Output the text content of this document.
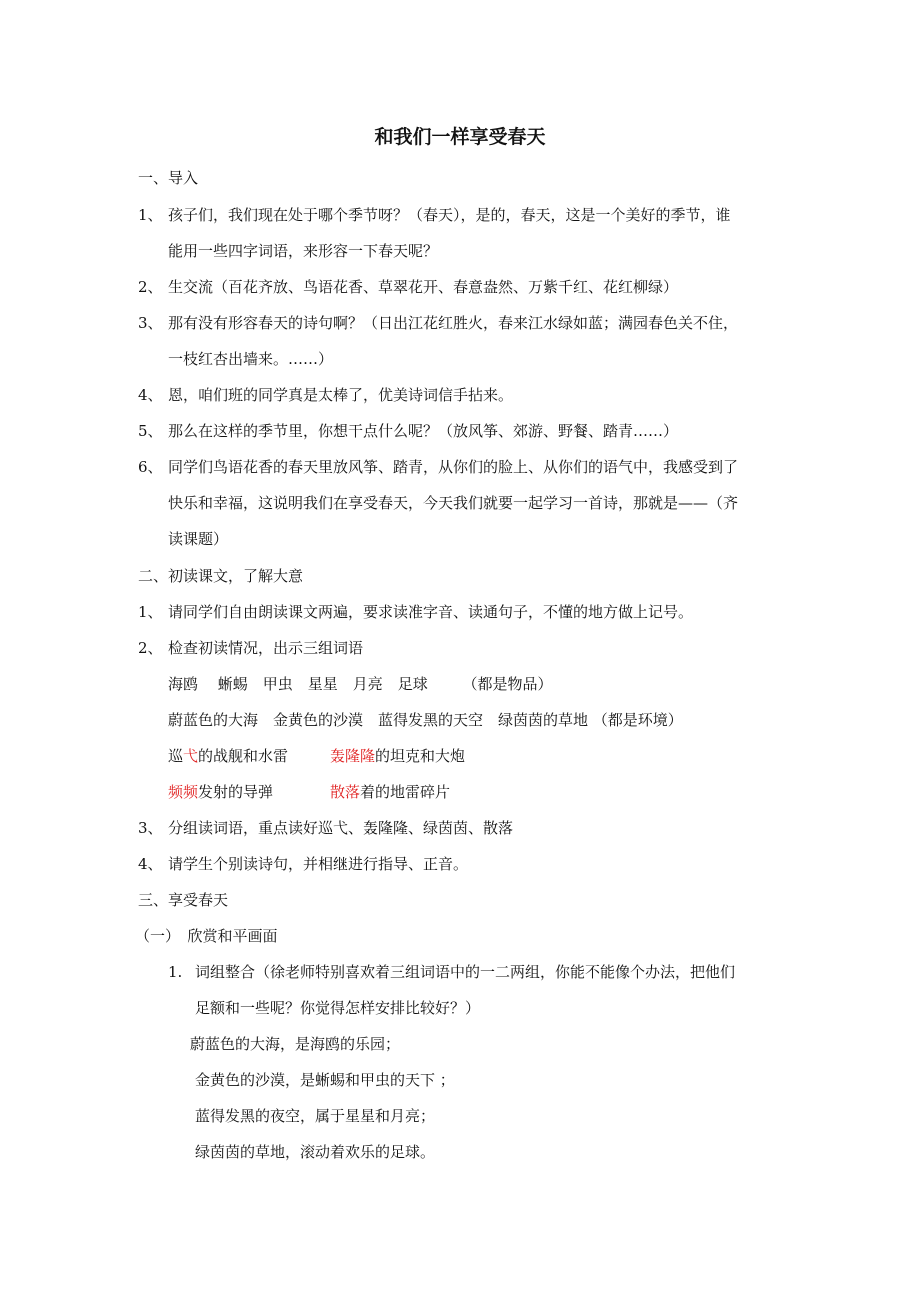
和我们一样享受春天
一、导入
1、 孩子们，我们现在处于哪个季节呀？（春天），是的，春天，这是一个美好的季节，谁
能用一些四字词语，来形容一下春天呢？
2、 生交流（百花齐放、鸟语花香、草翠花开、春意盎然、万紫千红、花红柳绿）
3、 那有没有形容春天的诗句啊？（日出江花红胜火，春来江水绿如蓝；满园春色关不住，
一枝红杏出墙来。……）
4、 恩，咱们班的同学真是太棒了，优美诗词信手拈来。
5、 那么在这样的季节里，你想干点什么呢？（放风筝、郊游、野餐、踏青……）
6、 同学们鸟语花香的春天里放风筝、踏青，从你们的脸上、从你们的语气中，我感受到了
快乐和幸福，这说明我们在享受春天，今天我们就要一起学习一首诗，那就是——（齐
读课题）
二、初读课文，了解大意
1、 请同学们自由朗读课文两遍，要求读准字音、读通句子，不懂的地方做上记号。
2、 检查初读情况，出示三组词语
海鸥　 蜥蜴　甲虫　星星　月亮　足球　　 （都是物品）
蔚蓝色的大海　金黄色的沙漠　蓝得发黑的天空　绿茵茵的草地 （都是环境）
巡弋的战舰和水雷	轰隆隆的坦克和大炮
频频发射的导弹	散落着的地雷碎片
3、 分组读词语，重点读好巡弋、轰隆隆、绿茵茵、散落
4、 请学生个别读诗句，并相继进行指导、正音。
三、享受春天
（一）　欣赏和平画面
1. 词组整合（徐老师特别喜欢着三组词语中的一二两组，你能不能像个办法，把他们
足额和一些呢？你觉得怎样安排比较好？）
蔚蓝色的大海，是海鸥的乐园；
金黄色的沙漠，是蜥蜴和甲虫的天下 ；
蓝得发黑的夜空，属于星星和月亮；
绿茵茵的草地，滚动着欢乐的足球。
